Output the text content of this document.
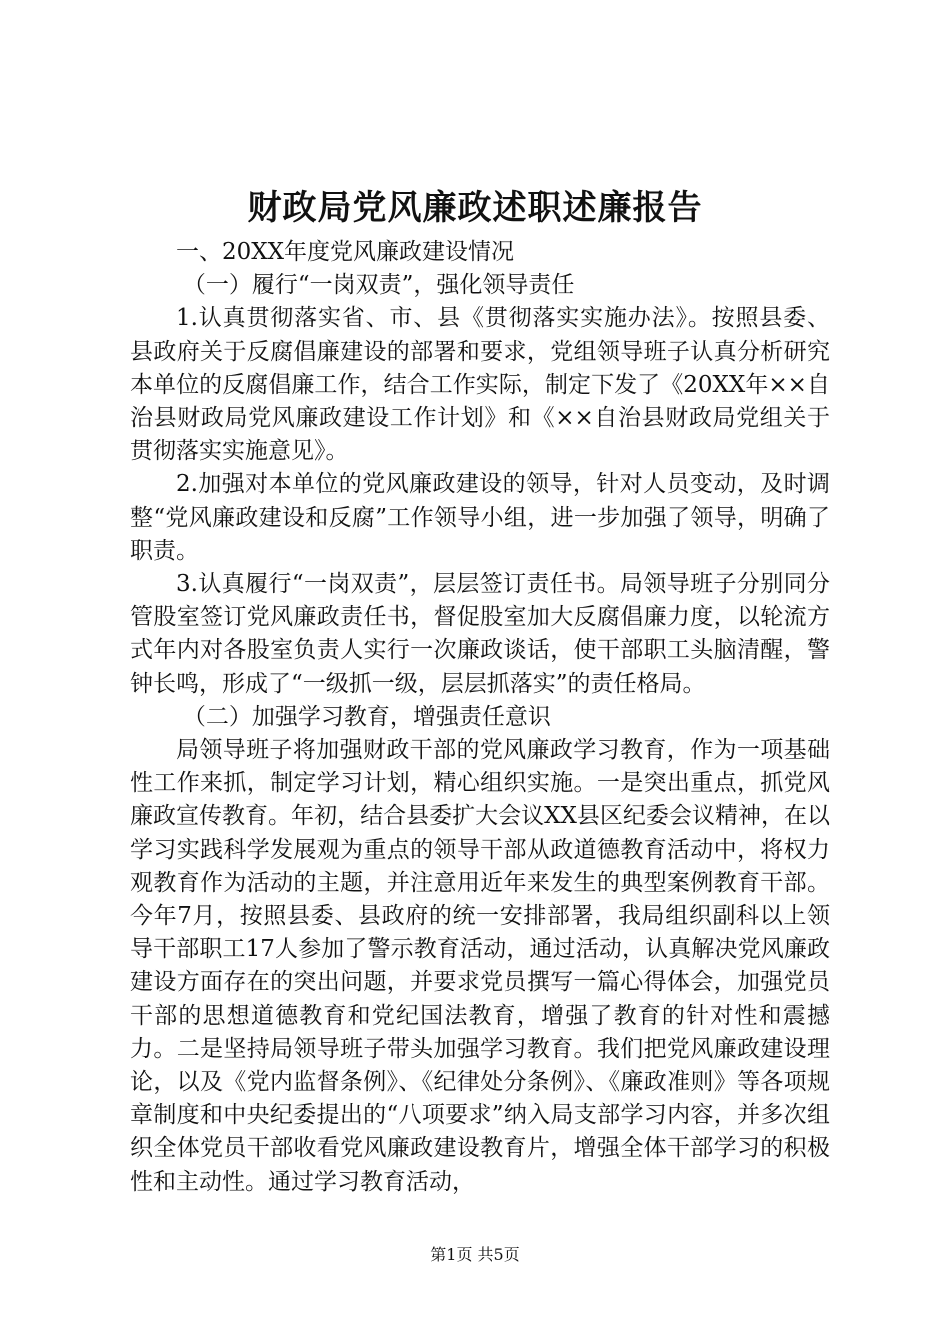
财政局党风廉政述职述廉报告

一、20XX年度党风廉政建设情况

（一）履行“一岗双责”，强化领导责任

1.认真贯彻落实省、市、县《贯彻落实实施办法》。按照县委、县政府关于反腐倡廉建设的部署和要求，党组领导班子认真分析研究本单位的反腐倡廉工作，结合工作实际，制定下发了《20XX年××自治县财政局党风廉政建设工作计划》和《××自治县财政局党组关于贯彻落实实施意见》。

2.加强对本单位的党风廉政建设的领导，针对人员变动，及时调整“党风廉政建设和反腐”工作领导小组，进一步加强了领导，明确了职责。

3.认真履行“一岗双责”，层层签订责任书。局领导班子分别同分管股室签订党风廉政责任书，督促股室加大反腐倡廉力度，以轮流方式年内对各股室负责人实行一次廉政谈话，使干部职工头脑清醒，警钟长鸣，形成了“一级抓一级，层层抓落实”的责任格局。

（二）加强学习教育，增强责任意识

局领导班子将加强财政干部的党风廉政学习教育，作为一项基础性工作来抓，制定学习计划，精心组织实施。一是突出重点，抓党风廉政宣传教育。年初，结合县委扩大会议XX县区纪委会议精神，在以学习实践科学发展观为重点的领导干部从政道德教育活动中，将权力观教育作为活动的主题，并注意用近年来发生的典型案例教育干部。今年7月，按照县委、县政府的统一安排部署，我局组织副科以上领导干部职工17人参加了警示教育活动，通过活动，认真解决党风廉政建设方面存在的突出问题，并要求党员撰写一篇心得体会，加强党员干部的思想道德教育和党纪国法教育，增强了教育的针对性和震撼力。二是坚持局领导班子带头加强学习教育。我们把党风廉政建设理论，以及《党内监督条例》、《纪律处分条例》、《廉政准则》等各项规章制度和中央纪委提出的“八项要求”纳入局支部学习内容，并多次组织全体党员干部收看党风廉政建设教育片，增强全体干部学习的积极性和主动性。通过学习教育活动，

第1页 共5页
